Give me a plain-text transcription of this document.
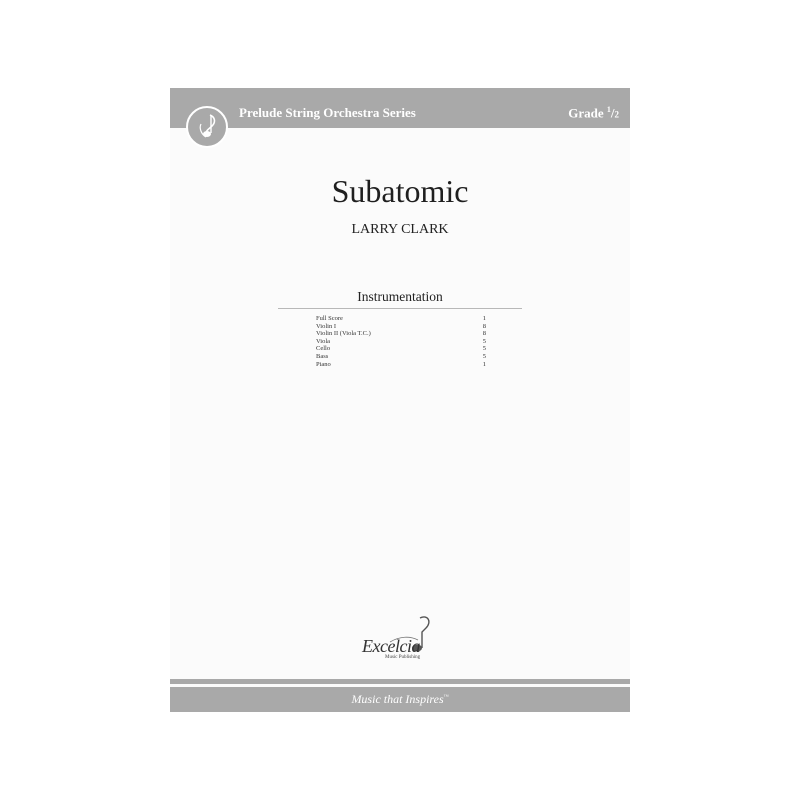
Prelude String Orchestra Series	Grade $^1$/2
Subatomic
LARRY CLARK
Instrumentation
Full Score	1
Violin I	8
Violin II (Viola T.C.)	8
Viola	5
Cello	5
Bass	5
Piano	1
Excelcia
Music Publishing
Music that Inspires™
